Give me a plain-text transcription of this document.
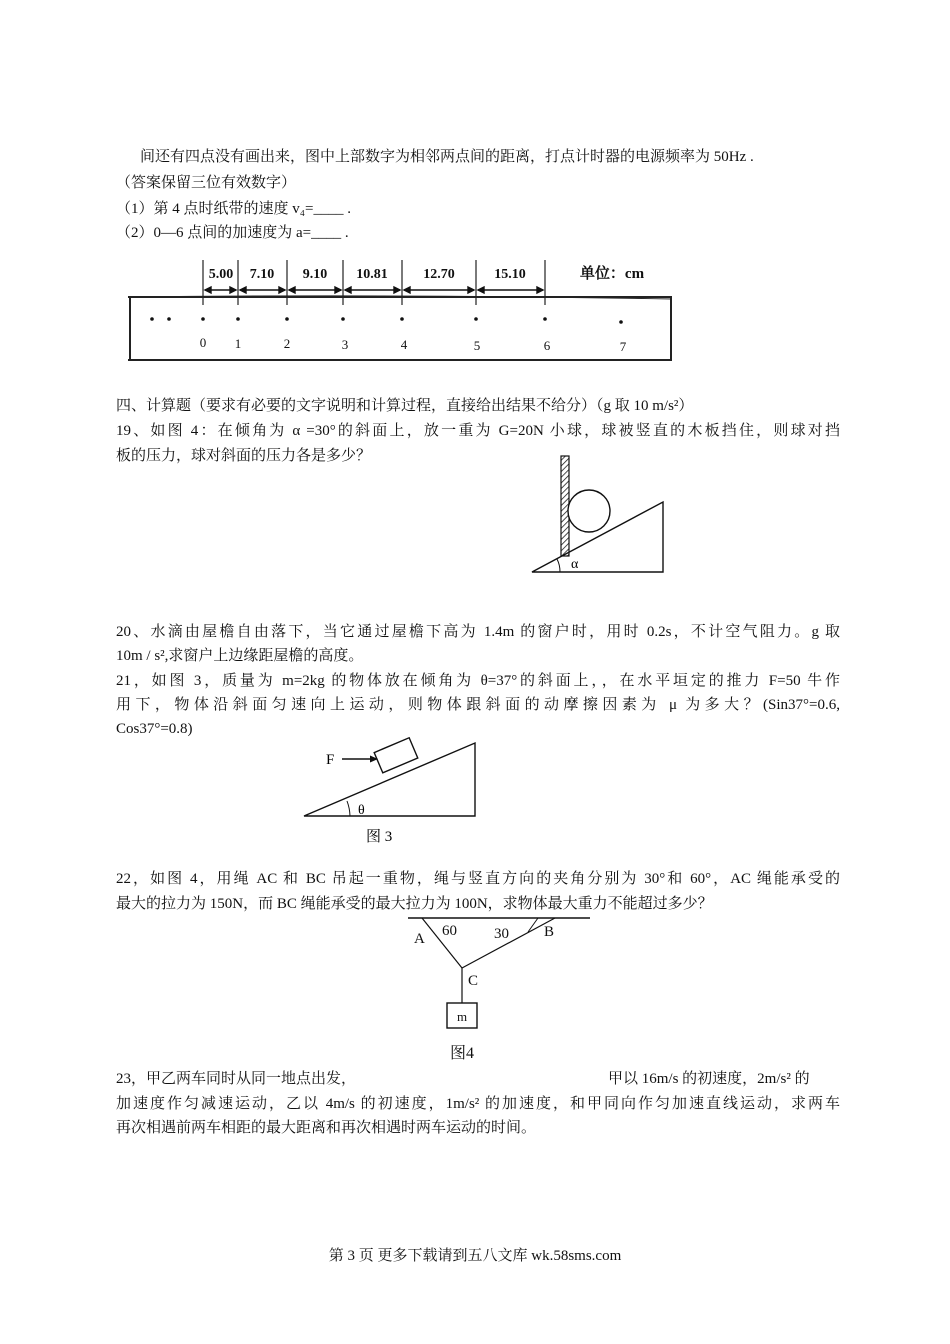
间还有四点没有画出来，图中上部数字为相邻两点间的距离，打点计时器的电源频率为 50Hz .
（答案保留三位有效数字）
（1）第 4 点时纸带的速度 v₄=____ .
（2）0—6 点间的加速度为 a=____ .
5.00 7.10 9.10 10.81	12.70	15.10	单位：cm
0 1	2	3	4	5	6	7
四、计算题（要求有必要的文字说明和计算过程，直接给出结果不给分）（g 取 10 m/s²）
19、如图 4：在倾角为 α =30°的斜面上，放一重为 G=20N 小球，球被竖直的木板挡住，则球对挡
板的压力，球对斜面的压力各是多少？
α
20、水滴由屋檐自由落下，当它通过屋檐下高为 1.4m 的窗户时，用时 0.2s，不计空气阻力。g 取
10m / s²,求窗户上边缘距屋檐的高度。
21，如图 3，质量为 m=2kg 的物体放在倾角为 θ=37°的斜面上，，在水平垣定的推力 F=50 牛作
用下，物体沿斜面匀速向上运动，则物体跟斜面的动摩擦因素为 μ 为多大？(Sin37°=0.6,
Cos37°=0.8)
F
θ
图 3
22，如图 4，用绳 AC 和 BC 吊起一重物，绳与竖直方向的夹角分别为 30°和 60°，AC 绳能承受的
最大的拉力为 150N，而 BC 绳能承受的最大拉力为 100N，求物体最大重力不能超过多少？
A 60 30 B
C
m
图4
23，甲乙两车同时从同一地点出发，	甲以 16m/s 的初速度，2m/s² 的
加速度作匀减速运动，乙以 4m/s 的初速度，1m/s² 的加速度，和甲同向作匀加速直线运动，求两车
再次相遇前两车相距的最大距离和再次相遇时两车运动的时间。
第 3 页 更多下载请到五八文库 wk.58sms.com
